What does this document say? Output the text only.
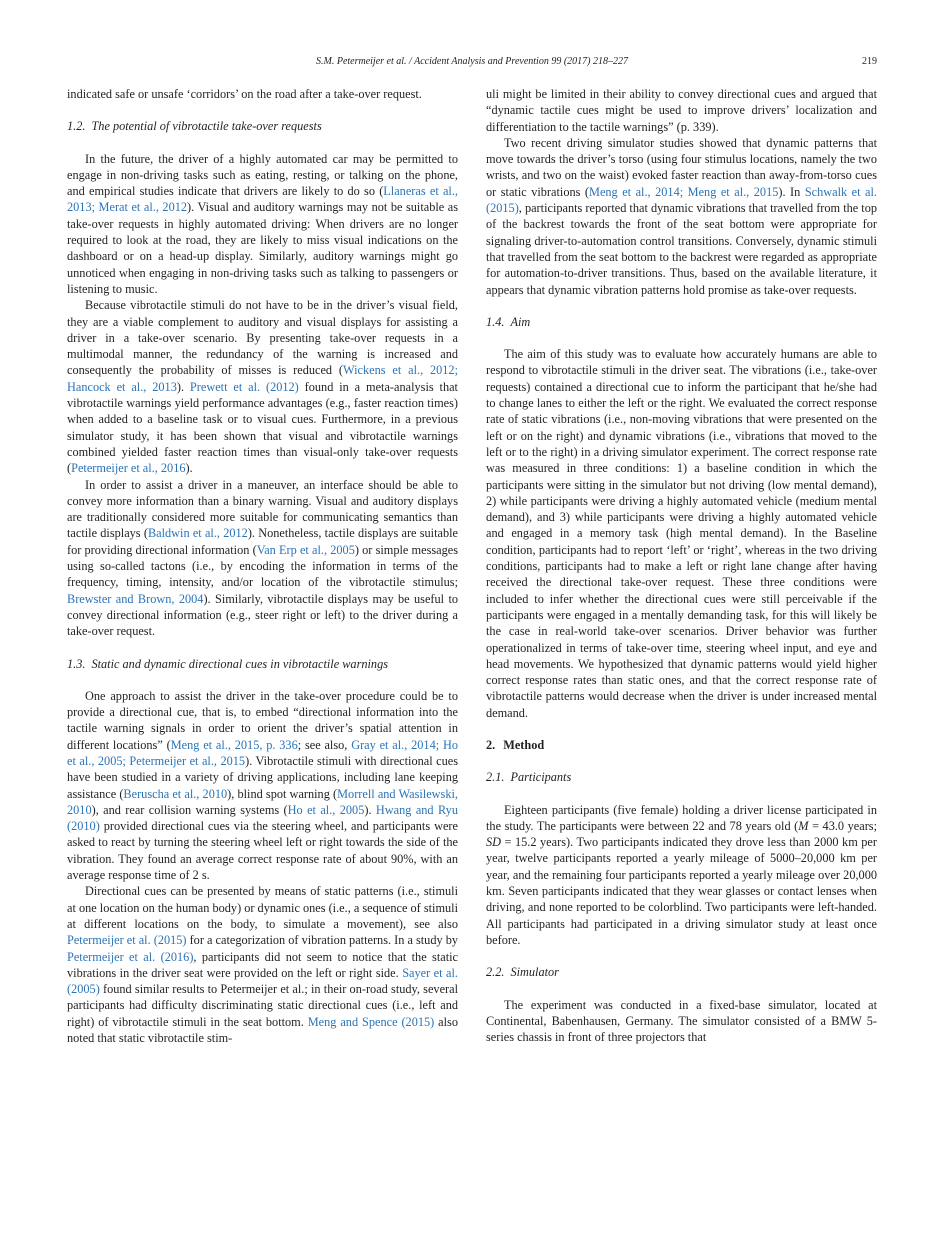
S.M. Petermeijer et al. / Accident Analysis and Prevention 99 (2017) 218–227	219

indicated safe or unsafe ‘corridors’ on the road after a take-over request.

1.2. The potential of vibrotactile take-over requests

In the future, the driver of a highly automated car may be permitted to engage in non-driving tasks such as eating, resting, or talking on the phone, and empirical studies indicate that drivers are likely to do so (Llaneras et al., 2013; Merat et al., 2012). Visual and auditory warnings may not be suitable as take-over requests in highly automated driving: When drivers are no longer required to look at the road, they are likely to miss visual indications on the dashboard or on a head-up display. Similarly, auditory warnings might go unnoticed when engaging in non-driving tasks such as talking to passengers or listening to music.

Because vibrotactile stimuli do not have to be in the driver’s visual field, they are a viable complement to auditory and visual displays for assisting a driver in a take-over scenario. By presenting take-over requests in a multimodal manner, the redundancy of the warning is increased and consequently the probability of misses is reduced (Wickens et al., 2012; Hancock et al., 2013). Prewett et al. (2012) found in a meta-analysis that vibrotactile warnings yield performance advantages (e.g., faster reaction times) when added to a baseline task or to visual cues. Furthermore, in a previous simulator study, it has been shown that visual and vibrotactile warnings combined yielded faster reaction times than visual-only take-over requests (Petermeijer et al., 2016).

In order to assist a driver in a maneuver, an interface should be able to convey more information than a binary warning. Visual and auditory displays are traditionally considered more suitable for communicating semantics than tactile displays (Baldwin et al., 2012). Nonetheless, tactile displays are suitable for providing directional information (Van Erp et al., 2005) or simple messages using so-called tactons (i.e., by encoding the information in terms of the frequency, timing, intensity, and/or location of the vibrotactile stimulus; Brewster and Brown, 2004). Similarly, vibrotactile displays may be useful to convey directional information (e.g., steer right or left) to the driver during a take-over request.

1.3. Static and dynamic directional cues in vibrotactile warnings

One approach to assist the driver in the take-over procedure could be to provide a directional cue, that is, to embed “directional information into the tactile warning signals in order to orient the driver’s spatial attention in different locations” (Meng et al., 2015, p. 336; see also, Gray et al., 2014; Ho et al., 2005; Petermeijer et al., 2015). Vibrotactile stimuli with directional cues have been studied in a variety of driving applications, including lane keeping assistance (Beruscha et al., 2010), blind spot warning (Morrell and Wasilewski, 2010), and rear collision warning systems (Ho et al., 2005). Hwang and Ryu (2010) provided directional cues via the steering wheel, and participants were asked to react by turning the steering wheel left or right towards the side of the vibration. They found an average correct response rate of about 90%, with an average response time of 2 s.

Directional cues can be presented by means of static patterns (i.e., stimuli at one location on the human body) or dynamic ones (i.e., a sequence of stimuli at different locations on the body, to simulate a movement), see also Petermeijer et al. (2015) for a categorization of vibration patterns. In a study by Petermeijer et al. (2016), participants did not seem to notice that the static vibrations in the driver seat were provided on the left or right side. Sayer et al. (2005) found similar results to Petermeijer et al.; in their on-road study, several participants had difficulty discriminating static directional cues (i.e., left and right) of vibrotactile stimuli in the seat bottom. Meng and Spence (2015) also noted that static vibrotactile stim-

uli might be limited in their ability to convey directional cues and argued that “dynamic tactile cues might be used to improve drivers’ localization and differentiation to the tactile warnings” (p. 339).

Two recent driving simulator studies showed that dynamic patterns that move towards the driver’s torso (using four stimulus locations, namely the two wrists, and two on the waist) evoked faster reaction than away-from-torso cues or static vibrations (Meng et al., 2014; Meng et al., 2015). In Schwalk et al. (2015), participants reported that dynamic vibrations that travelled from the top of the backrest towards the front of the seat bottom were appropriate for signaling driver-to-automation control transitions. Conversely, dynamic stimuli that travelled from the seat bottom to the backrest were regarded as appropriate for automation-to-driver transitions. Thus, based on the available literature, it appears that dynamic vibration patterns hold promise as take-over requests.

1.4. Aim

The aim of this study was to evaluate how accurately humans are able to respond to vibrotactile stimuli in the driver seat. The vibrations (i.e., take-over requests) contained a directional cue to inform the participant that he/she had to change lanes to either the left or the right. We evaluated the correct response rate of static vibrations (i.e., non-moving vibrations that were presented on the left or on the right) and dynamic vibrations (i.e., vibrations that moved to the left or to the right) in a driving simulator experiment. The correct response rate was measured in three conditions: 1) a baseline condition in which the participants were sitting in the simulator but not driving (low mental demand), 2) while participants were driving a highly automated vehicle (medium mental demand), and 3) while participants were driving a highly automated vehicle and engaged in a memory task (high mental demand). In the Baseline condition, participants had to report ‘left’ or ‘right’, whereas in the two driving conditions, participants had to make a left or right lane change after having received the directional take-over request. These three conditions were included to infer whether the directional cues were still perceivable if the participants were engaged in a mentally demanding task, for this will likely be the case in real-world take-over scenarios. Driver behavior was further operationalized in terms of take-over time, steering wheel input, and eye and head movements. We hypothesized that dynamic patterns would yield higher correct response rates than static ones, and that the correct response rate of vibrotactile patterns would decrease when the driver is under increased mental demand.

2. Method
2.1. Participants

Eighteen participants (five female) holding a driver license participated in the study. The participants were between 22 and 78 years old (M = 43.0 years; SD = 15.2 years). Two participants indicated they drove less than 2000 km per year, twelve participants reported a yearly mileage of 5000–20,000 km per year, and the remaining four participants reported a yearly mileage over 20,000 km. Seven participants indicated that they wear glasses or contact lenses when driving, and none reported to be colorblind. Two participants were left-handed. All participants had participated in a driving simulator study at least once before.

2.2. Simulator

The experiment was conducted in a fixed-base simulator, located at Continental, Babenhausen, Germany. The simulator consisted of a BMW 5-series chassis in front of three projectors that
